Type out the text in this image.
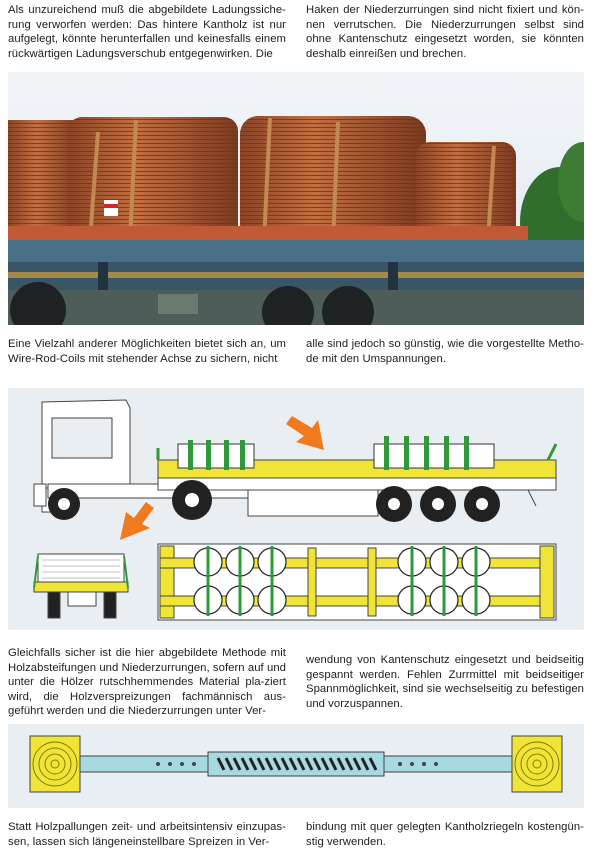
Als unzureichend muß die abgebildete Ladungssiche-rung verworfen werden: Das hintere Kantholz ist nur aufgelegt, könnte herunterfallen und keinesfalls einem rückwärtigen Ladungsverschub entgegenwirken. Die

Haken der Niederzurrungen sind nicht fixiert und kön-nen verrutschen. Die Niederzurrungen selbst sind ohne Kantenschutz eingesetzt worden, sie könnten deshalb einreißen und brechen.

Eine Vielzahl anderer Möglichkeiten bietet sich an, um Wire-Rod-Coils mit stehender Achse zu sichern, nicht

alle sind jedoch so günstig, wie die vorgestellte Metho-de mit den Umspannungen.

Gleichfalls sicher ist die hier abgebildete Methode mit Holzabsteifungen und Niederzurrungen, sofern auf und unter die Hölzer rutschhemmendes Material pla-ziert wird, die Holzverspreizungen fachmännisch aus-geführt werden und die Niederzurrungen unter Ver-

wendung von Kantenschutz eingesetzt und beidseitig gespannt werden. Fehlen Zurrmittel mit beidseitiger Spannmöglichkeit, sind sie wechselseitig zu befestigen und vorzuspannen.

Statt Holzpallungen zeit- und arbeitsintensiv einzupas-sen, lassen sich längeneinstellbare Spreizen in Ver-

bindung mit quer gelegten Kantholzriegeln kostengün-stig verwenden.
